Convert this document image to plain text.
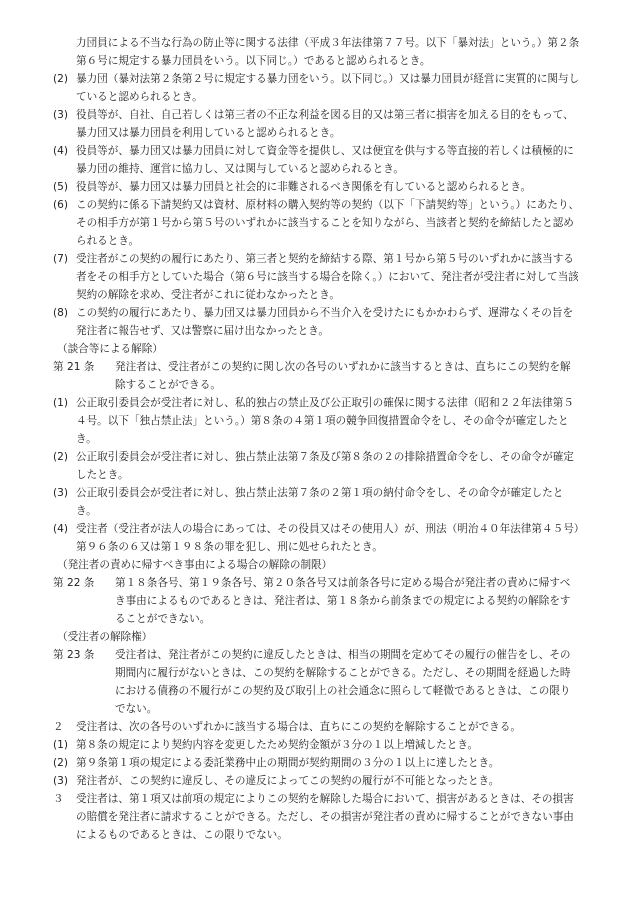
力団員による不当な行為の防止等に関する法律（平成３年法律第７７号。以下「暴対法」という。）第２条第６号に規定する暴力団員をいう。以下同じ。）であると認められるとき。

(2) 暴力団（暴対法第２条第２号に規定する暴力団をいう。以下同じ。）又は暴力団員が経営に実質的に関与していると認められるとき。
(3) 役員等が、自社、自己若しくは第三者の不正な利益を図る目的又は第三者に損害を加える目的をもって、暴力団又は暴力団員を利用していると認められるとき。
(4) 役員等が、暴力団又は暴力団員に対して資金等を提供し、又は便宜を供与する等直接的若しくは積極的に暴力団の維持、運営に協力し、又は関与していると認められるとき。
(5) 役員等が、暴力団又は暴力団員と社会的に非難されるべき関係を有していると認められるとき。
(6) この契約に係る下請契約又は資材、原材料の購入契約等の契約（以下「下請契約等」という。）にあたり、その相手方が第１号から第５号のいずれかに該当することを知りながら、当該者と契約を締結したと認められるとき。
(7) 受注者がこの契約の履行にあたり、第三者と契約を締結する際、第１号から第５号のいずれかに該当する者をその相手方としていた場合（第６号に該当する場合を除く。）において、発注者が受注者に対して当該契約の解除を求め、受注者がこれに従わなかったとき。
(8) この契約の履行にあたり、暴力団又は暴力団員から不当介入を受けたにもかかわらず、遅滞なくその旨を発注者に報告せず、又は警察に届け出なかったとき。
（談合等による解除）
第 21 条	発注者は、受注者がこの契約に関し次の各号のいずれかに該当するときは、直ちにこの契約を解除することができる。
(1) 公正取引委員会が受注者に対し、私的独占の禁止及び公正取引の確保に関する法律（昭和２２年法律第５４号。以下「独占禁止法」という。）第８条の４第１項の競争回復措置命令をし、その命令が確定したとき。
(2) 公正取引委員会が受注者に対し、独占禁止法第７条及び第８条の２の排除措置命令をし、その命令が確定したとき。
(3) 公正取引委員会が受注者に対し、独占禁止法第７条の２第１項の納付命令をし、その命令が確定したとき。
(4) 受注者（受注者が法人の場合にあっては、その役員又はその使用人）が、刑法（明治４０年法律第４５号）第９６条の６又は第１９８条の罪を犯し、刑に処せられたとき。
（発注者の責めに帰すべき事由による場合の解除の制限）
第 22 条	第１８条各号、第１９条各号、第２０条各号又は前条各号に定める場合が発注者の責めに帰すべき事由によるものであるときは、発注者は、第１８条から前条までの規定による契約の解除をすることができない。
（受注者の解除権）
第 23 条	受注者は、発注者がこの契約に違反したときは、相当の期間を定めてその履行の催告をし、その期間内に履行がないときは、この契約を解除することができる。ただし、その期間を経過した時における債務の不履行がこの契約及び取引上の社会通念に照らして軽微であるときは、この限りでない。
２	受注者は、次の各号のいずれかに該当する場合は、直ちにこの契約を解除することができる。
(1) 第８条の規定により契約内容を変更したため契約金額が３分の１以上増減したとき。
(2) 第９条第１項の規定による委託業務中止の期間が契約期間の３分の１以上に達したとき。
(3) 発注者が、この契約に違反し、その違反によってこの契約の履行が不可能となったとき。
３	受注者は、第１項又は前項の規定によりこの契約を解除した場合において、損害があるときは、その損害の賠償を発注者に請求することができる。ただし、その損害が発注者の責めに帰することができない事由によるものであるときは、この限りでない。
